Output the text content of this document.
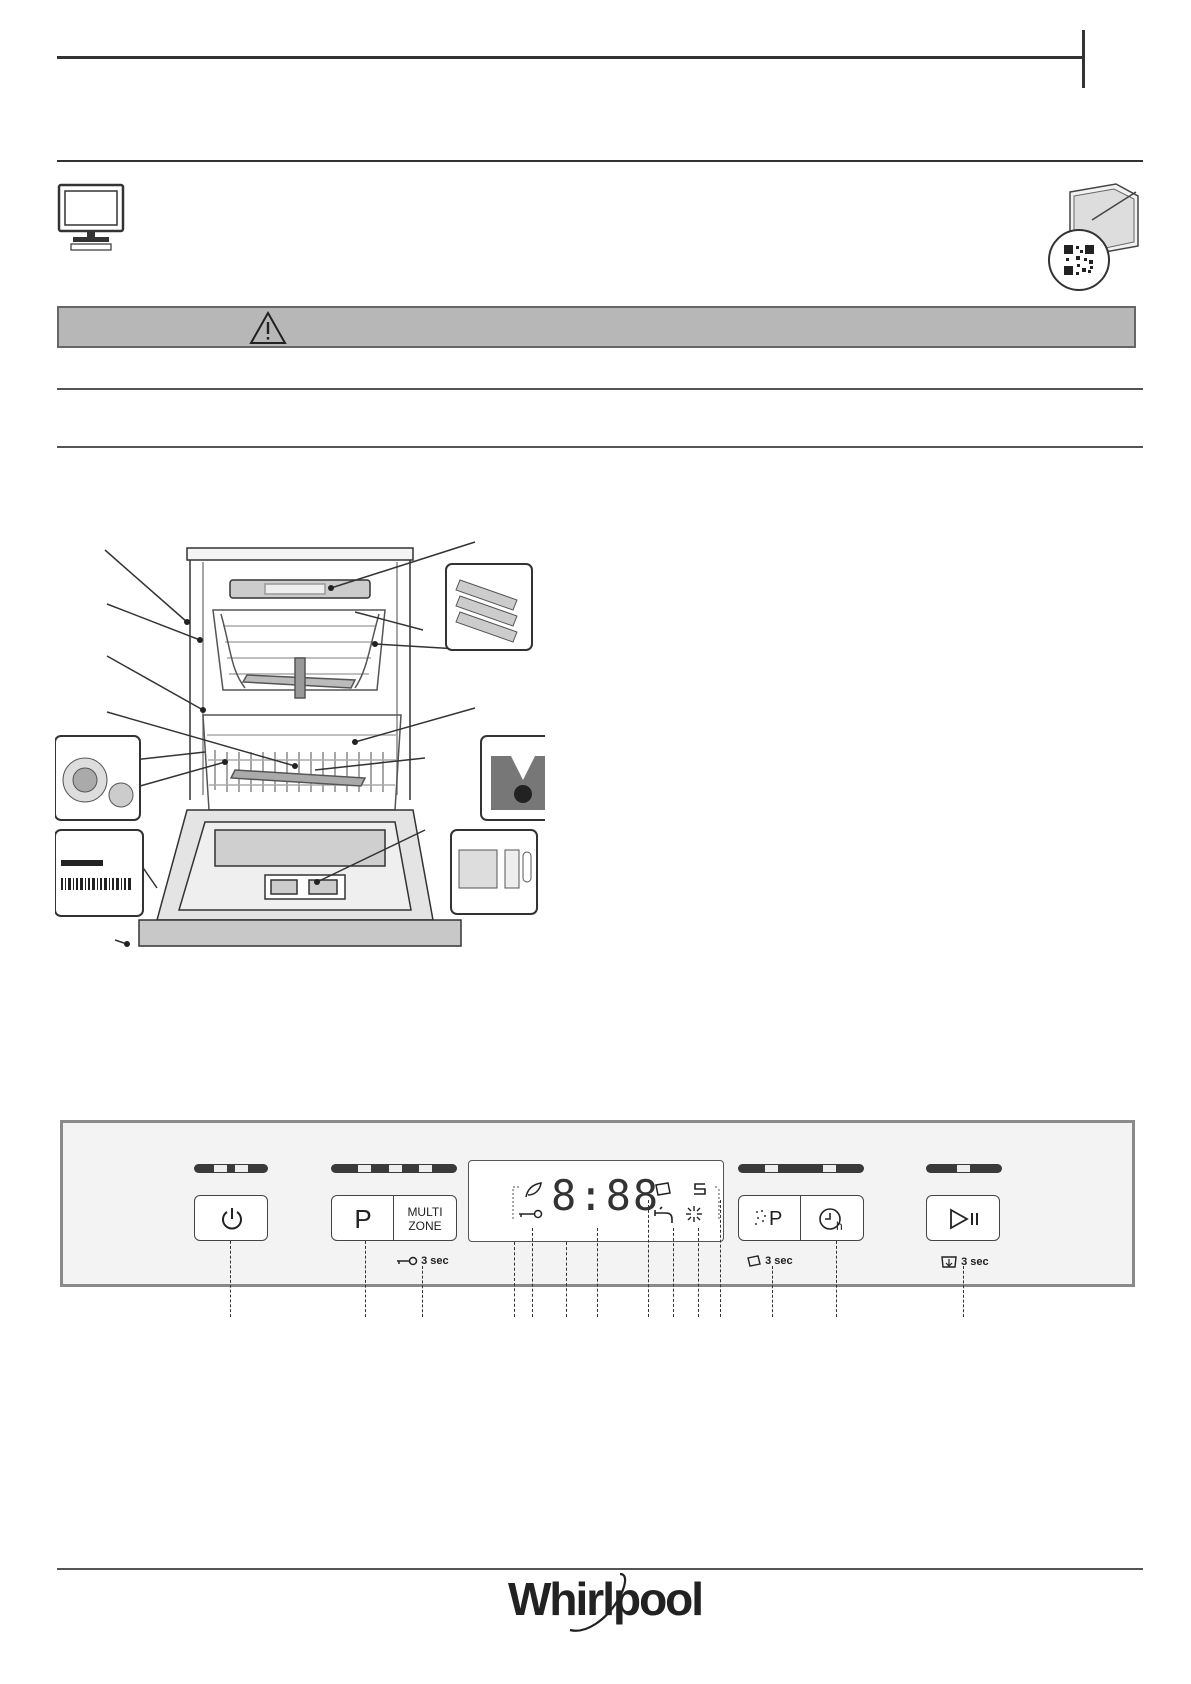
P	MULTI
ZONE
3 sec
8:88	P	h
3 sec	3 sec
Whirlpool
